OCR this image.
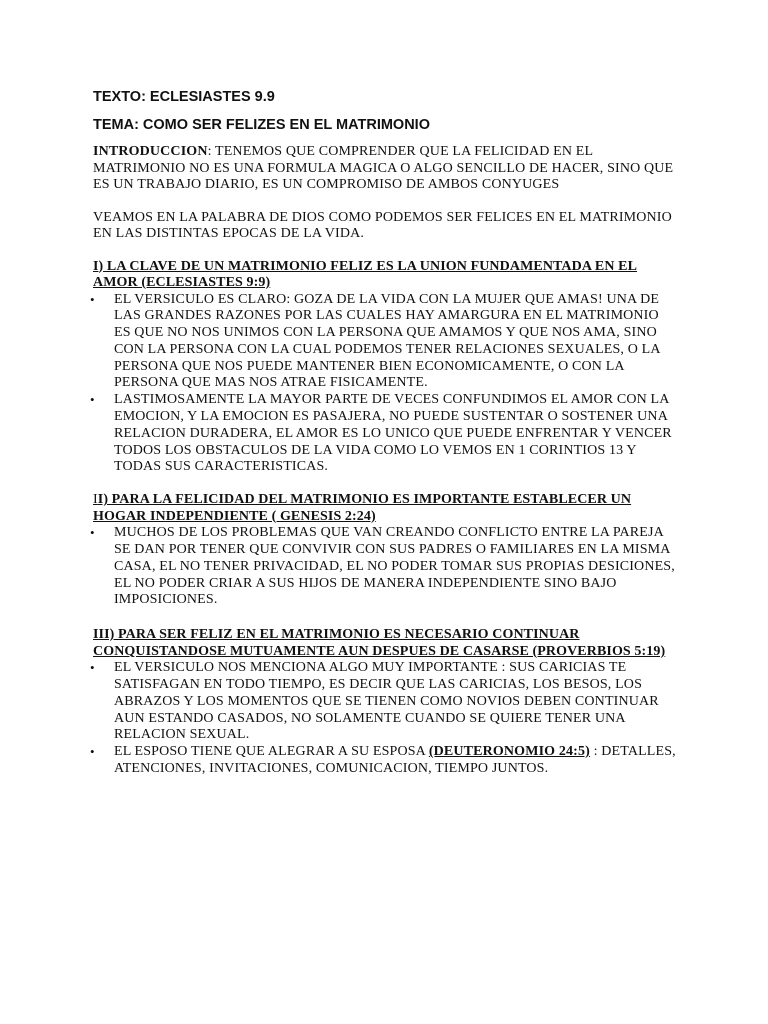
TEXTO: ECLESIASTES 9.9

TEMA: COMO SER FELIZES EN EL MATRIMONIO

INTRODUCCION: TENEMOS QUE COMPRENDER QUE LA FELICIDAD EN EL MATRIMONIO NO ES UNA FORMULA MAGICA O ALGO SENCILLO DE HACER, SINO QUE ES UN TRABAJO DIARIO, ES UN COMPROMISO DE AMBOS CONYUGES

VEAMOS EN LA PALABRA DE DIOS COMO PODEMOS SER FELICES EN EL MATRIMONIO EN LAS DISTINTAS EPOCAS DE LA VIDA.

I) LA CLAVE DE UN MATRIMONIO FELIZ ES LA UNION FUNDAMENTADA EN EL AMOR (ECLESIASTES 9:9)

• EL VERSICULO ES CLARO: GOZA DE LA VIDA CON LA MUJER QUE AMAS! UNA DE LAS GRANDES RAZONES POR LAS CUALES HAY AMARGURA EN EL MATRIMONIO ES QUE NO NOS UNIMOS CON LA PERSONA QUE AMAMOS Y QUE NOS AMA, SINO CON LA PERSONA CON LA CUAL PODEMOS TENER RELACIONES SEXUALES, O LA PERSONA QUE NOS PUEDE MANTENER BIEN ECONOMICAMENTE, O CON LA PERSONA QUE MAS NOS ATRAE FISICAMENTE.
• LASTIMOSAMENTE LA MAYOR PARTE DE VECES CONFUNDIMOS EL AMOR CON LA EMOCION, Y LA EMOCION ES PASAJERA, NO PUEDE SUSTENTAR O SOSTENER UNA RELACION DURADERA, EL AMOR ES LO UNICO QUE PUEDE ENFRENTAR Y VENCER TODOS LOS OBSTACULOS DE LA VIDA COMO LO VEMOS EN 1 CORINTIOS 13 Y TODAS SUS CARACTERISTICAS.

II) PARA LA FELICIDAD DEL MATRIMONIO ES IMPORTANTE ESTABLECER UN HOGAR INDEPENDIENTE ( GENESIS 2:24)

• MUCHOS DE LOS PROBLEMAS QUE VAN CREANDO CONFLICTO ENTRE LA PAREJA SE DAN POR TENER QUE CONVIVIR CON SUS PADRES O FAMILIARES EN LA MISMA CASA, EL NO TENER PRIVACIDAD, EL NO PODER TOMAR SUS PROPIAS DESICIONES, EL NO PODER CRIAR A SUS HIJOS DE MANERA INDEPENDIENTE SINO BAJO IMPOSICIONES.

III) PARA SER FELIZ EN EL MATRIMONIO ES NECESARIO CONTINUAR CONQUISTANDOSE MUTUAMENTE AUN DESPUES DE CASARSE (PROVERBIOS 5:19)

• EL VERSICULO NOS MENCIONA ALGO MUY IMPORTANTE : SUS CARICIAS TE SATISFAGAN EN TODO TIEMPO, ES DECIR QUE LAS CARICIAS, LOS BESOS, LOS ABRAZOS Y LOS MOMENTOS QUE SE TIENEN COMO NOVIOS DEBEN CONTINUAR AUN ESTANDO CASADOS, NO SOLAMENTE CUANDO SE QUIERE TENER UNA RELACION SEXUAL.
• EL ESPOSO TIENE QUE ALEGRAR A SU ESPOSA (DEUTERONOMIO 24:5) : DETALLES, ATENCIONES, INVITACIONES, COMUNICACION, TIEMPO JUNTOS.
